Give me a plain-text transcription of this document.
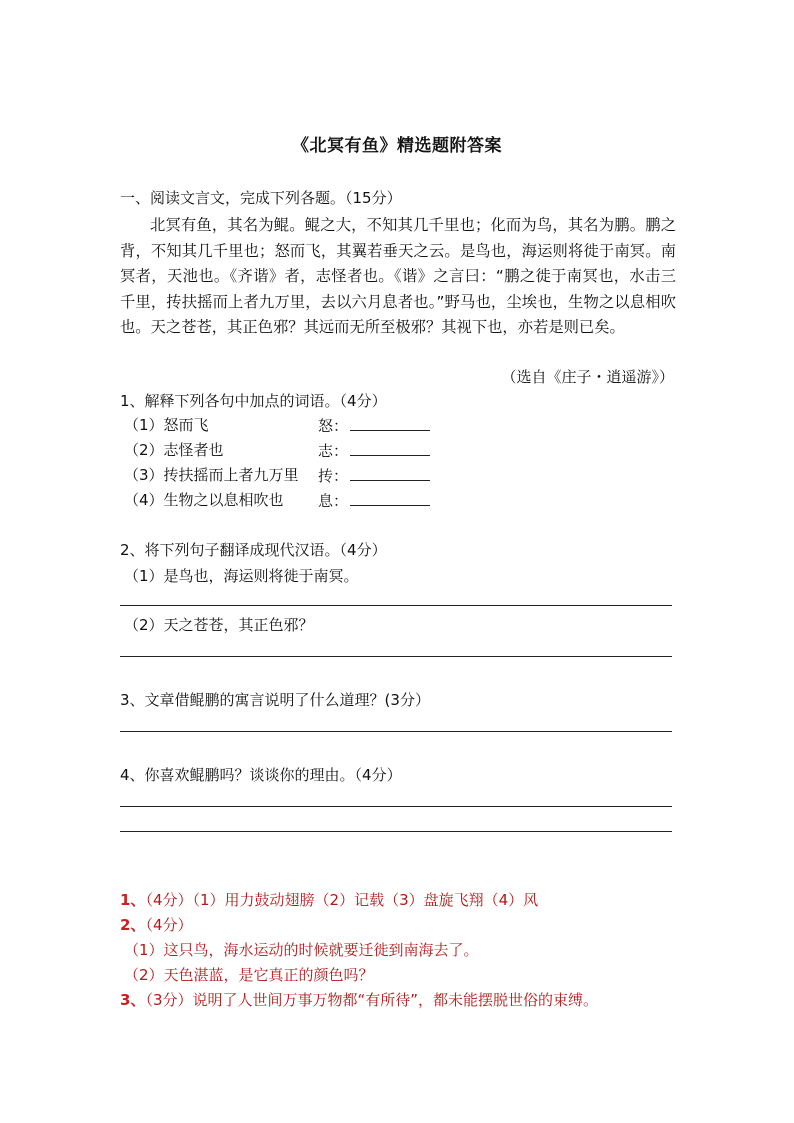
《北冥有鱼》精选题附答案
一、阅读文言文，完成下列各题。（15分）
北冥有鱼，其名为鲲。鲲之大，不知其几千里也；化而为鸟，其名为鹏。鹏之背，不知其几千里也；怒而飞，其翼若垂天之云。是鸟也，海运则将徙于南冥。南冥者，天池也。《齐谐》者，志怪者也。《谐》之言曰：“鹏之徙于南冥也，水击三千里，抟扶摇而上者九万里，去以六月息者也。”野马也，尘埃也，生物之以息相吹也。天之苍苍，其正色邪？其远而无所至极邪？其视下也，亦若是则已矣。
（选自《庄子・逍遥游》）
1、解释下列各句中加点的词语。（4分）
（1）怒而飞	怒：
（2）志怪者也	志：
（3）抟扶摇而上者九万里 抟：
（4）生物之以息相吹也 息：
2、将下列句子翻译成现代汉语。（4分）
（1）是鸟也，海运则将徙于南冥。
（2）天之苍苍，其正色邪？
3、文章借鲲鹏的寓言说明了什么道理？(3分）
4、你喜欢鲲鹏吗？谈谈你的理由。（4分）
1、（4分）（1）用力鼓动翅膀（2）记载（3）盘旋飞翔（4）风
2、（4分）
（1）这只鸟，海水运动的时候就要迁徙到南海去了。
（2）天色湛蓝，是它真正的颜色吗？
3、（3分）说明了人世间万事万物都“有所待”，都未能摆脱世俗的束缚。
